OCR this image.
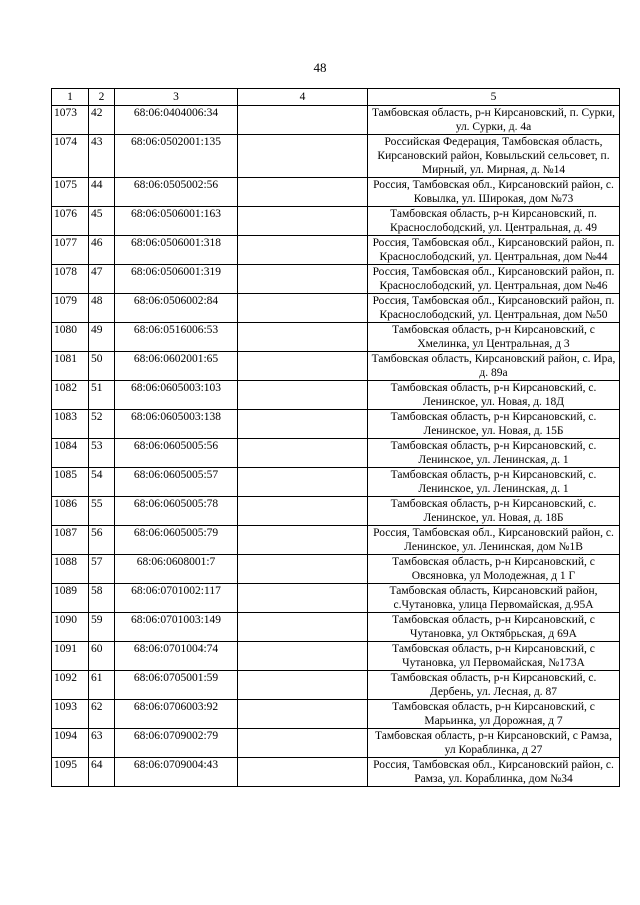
48
1	2	3	4	5
1073	42	68:06:0404006:34		Тамбовская область, р-н Кирсановский, п. Сурки, ул. Сурки, д. 4а
1074	43	68:06:0502001:135		Российская Федерация, Тамбовская область, Кирсановский район, Ковыльский сельсовет, п. Мирный, ул. Мирная, д. №14
1075	44	68:06:0505002:56		Россия, Тамбовская обл., Кирсановский район, с. Ковылка, ул. Широкая, дом №73
1076	45	68:06:0506001:163		Тамбовская область, р-н Кирсановский, п. Краснослободский, ул. Центральная, д. 49
1077	46	68:06:0506001:318		Россия, Тамбовская обл., Кирсановский район, п. Краснослободский, ул. Центральная, дом №44
1078	47	68:06:0506001:319		Россия, Тамбовская обл., Кирсановский район, п. Краснослободский, ул. Центральная, дом №46
1079	48	68:06:0506002:84		Россия, Тамбовская обл., Кирсановский район, п. Краснослободский, ул. Центральная, дом №50
1080	49	68:06:0516006:53		Тамбовская область, р-н Кирсановский, с Хмелинка, ул Центральная, д 3
1081	50	68:06:0602001:65		Тамбовская область, Кирсановский район, с. Ира, д. 89а
1082	51	68:06:0605003:103		Тамбовская область, р-н Кирсановский, с. Ленинское, ул. Новая, д. 18Д
1083	52	68:06:0605003:138		Тамбовская область, р-н Кирсановский, с. Ленинское, ул. Новая, д. 15Б
1084	53	68:06:0605005:56		Тамбовская область, р-н Кирсановский, с. Ленинское, ул. Ленинская, д. 1
1085	54	68:06:0605005:57		Тамбовская область, р-н Кирсановский, с. Ленинское, ул. Ленинская, д. 1
1086	55	68:06:0605005:78		Тамбовская область, р-н Кирсановский, с. Ленинское, ул. Новая, д. 18Б
1087	56	68:06:0605005:79		Россия, Тамбовская обл., Кирсановский район, с. Ленинское, ул. Ленинская, дом №1В
1088	57	68:06:0608001:7		Тамбовская область, р-н Кирсановский, с Овсяновка, ул Молодежная, д 1 Г
1089	58	68:06:0701002:117		Тамбовская область, Кирсановский район, с.Чутановка, улица Первомайская, д.95А
1090	59	68:06:0701003:149		Тамбовская область, р-н Кирсановский, с Чутановка, ул Октябрьская, д 69А
1091	60	68:06:0701004:74		Тамбовская область, р-н Кирсановский, с Чутановка, ул Первомайская, №173А
1092	61	68:06:0705001:59		Тамбовская область, р-н Кирсановский, с. Дербень, ул. Лесная, д. 87
1093	62	68:06:0706003:92		Тамбовская область, р-н Кирсановский, с Марьинка, ул Дорожная, д 7
1094	63	68:06:0709002:79		Тамбовская область, р-н Кирсановский, с Рамза, ул Кораблинка, д 27
1095	64	68:06:0709004:43		Россия, Тамбовская обл., Кирсановский район, с. Рамза, ул. Кораблинка, дом №34
